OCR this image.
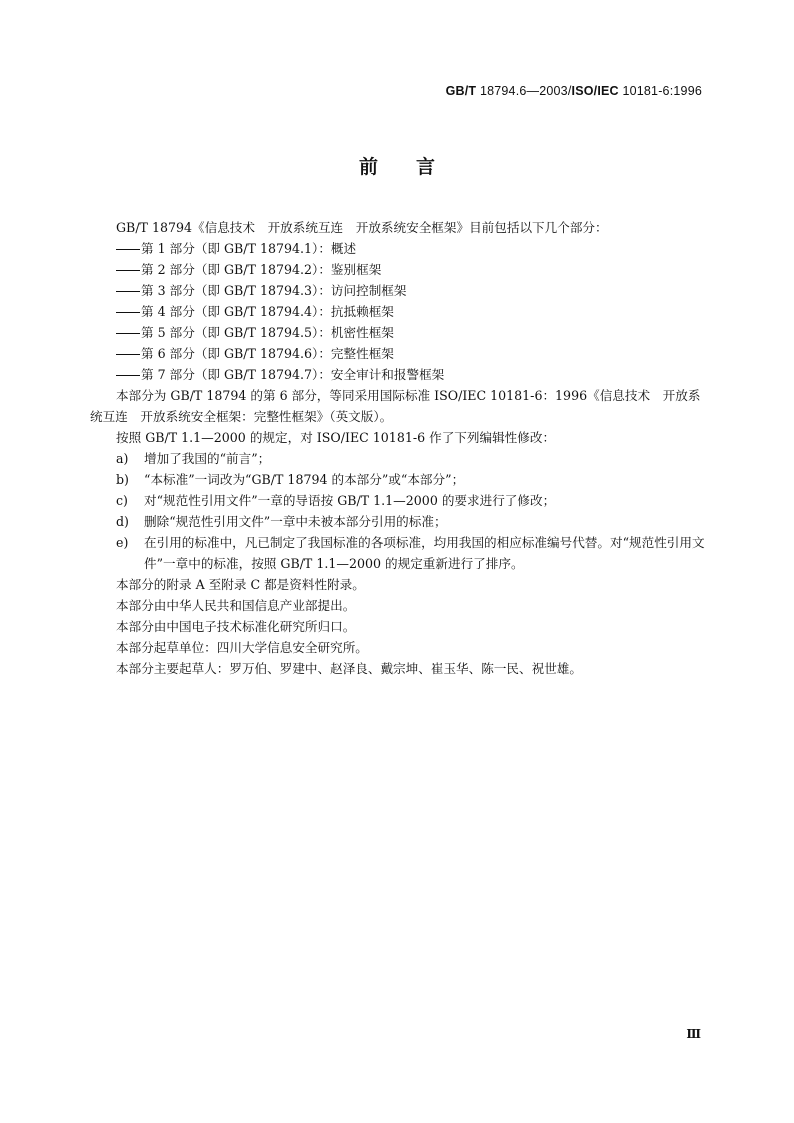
GB/T 18794.6—2003/ISO/IEC 10181-6:1996
前 言

GB/T 18794《信息技术　开放系统互连　开放系统安全框架》目前包括以下几个部分：

第 1 部分（即 GB/T 18794.1）：概述

第 2 部分（即 GB/T 18794.2）：鉴别框架

第 3 部分（即 GB/T 18794.3）：访问控制框架

第 4 部分（即 GB/T 18794.4）：抗抵赖框架

第 5 部分（即 GB/T 18794.5）：机密性框架

第 6 部分（即 GB/T 18794.6）：完整性框架

第 7 部分（即 GB/T 18794.7）：安全审计和报警框架

本部分为 GB/T 18794 的第 6 部分，等同采用国际标准 ISO/IEC 10181-6：1996《信息技术　开放系统互连　开放系统安全框架：完整性框架》（英文版）。

按照 GB/T 1.1—2000 的规定，对 ISO/IEC 10181-6 作了下列编辑性修改：

a) 增加了我国的“前言”；

b) “本标准”一词改为“GB/T 18794 的本部分”或“本部分”；

c) 对“规范性引用文件”一章的导语按 GB/T 1.1—2000 的要求进行了修改；

d) 删除“规范性引用文件”一章中未被本部分引用的标准；

e) 在引用的标准中，凡已制定了我国标准的各项标准，均用我国的相应标准编号代替。对“规范性引用文件”一章中的标准，按照 GB/T 1.1—2000 的规定重新进行了排序。

本部分的附录 A 至附录 C 都是资料性附录。

本部分由中华人民共和国信息产业部提出。

本部分由中国电子技术标准化研究所归口。

本部分起草单位：四川大学信息安全研究所。

本部分主要起草人：罗万伯、罗建中、赵泽良、戴宗坤、崔玉华、陈一民、祝世雄。

Ⅲ
